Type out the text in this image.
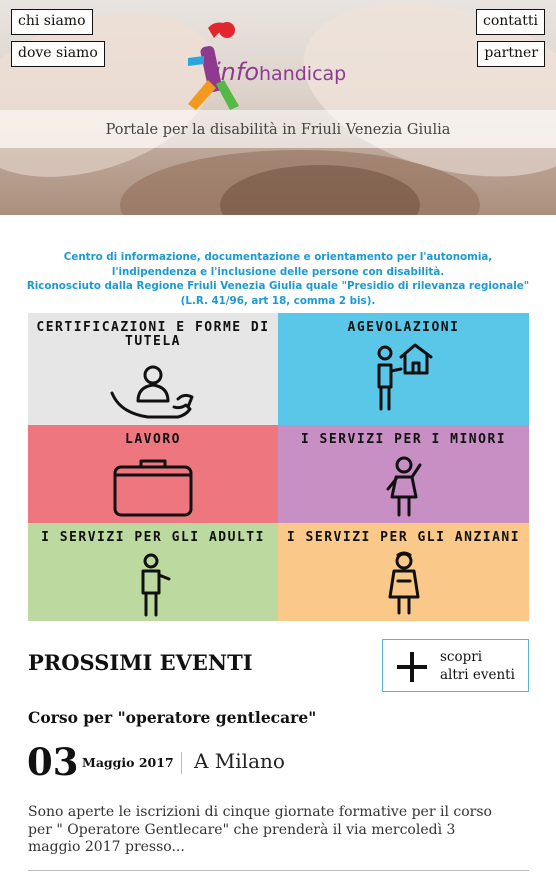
chi siamo
dove siamo
contatti
partner
infohandicap
Portale per la disabilità in Friuli Venezia Giulia
Centro di informazione, documentazione e orientamento per l'autonomia, l'indipendenza e l'inclusione delle persone con disabilità.
Riconosciuto dalla Regione Friuli Venezia Giulia quale "Presidio di rilevanza regionale" (L.R. 41/96, art 18, comma 2 bis).
CERTIFICAZIONI E FORME DI TUTELA
AGEVOLAZIONI
LAVORO	I SERVIZI PER I MINORI
I SERVIZI PER GLI ADULTI	I SERVIZI PER GLI ANZIANI
PROSSIMI EVENTI	scopri
altri eventi
Corso per "operatore gentlecare"
03 Maggio 2017 A Milano
Sono aperte le iscrizioni di cinque giornate formative per il corso per " Operatore Gentlecare" che prenderà il via mercoledì 3 maggio 2017 presso...
